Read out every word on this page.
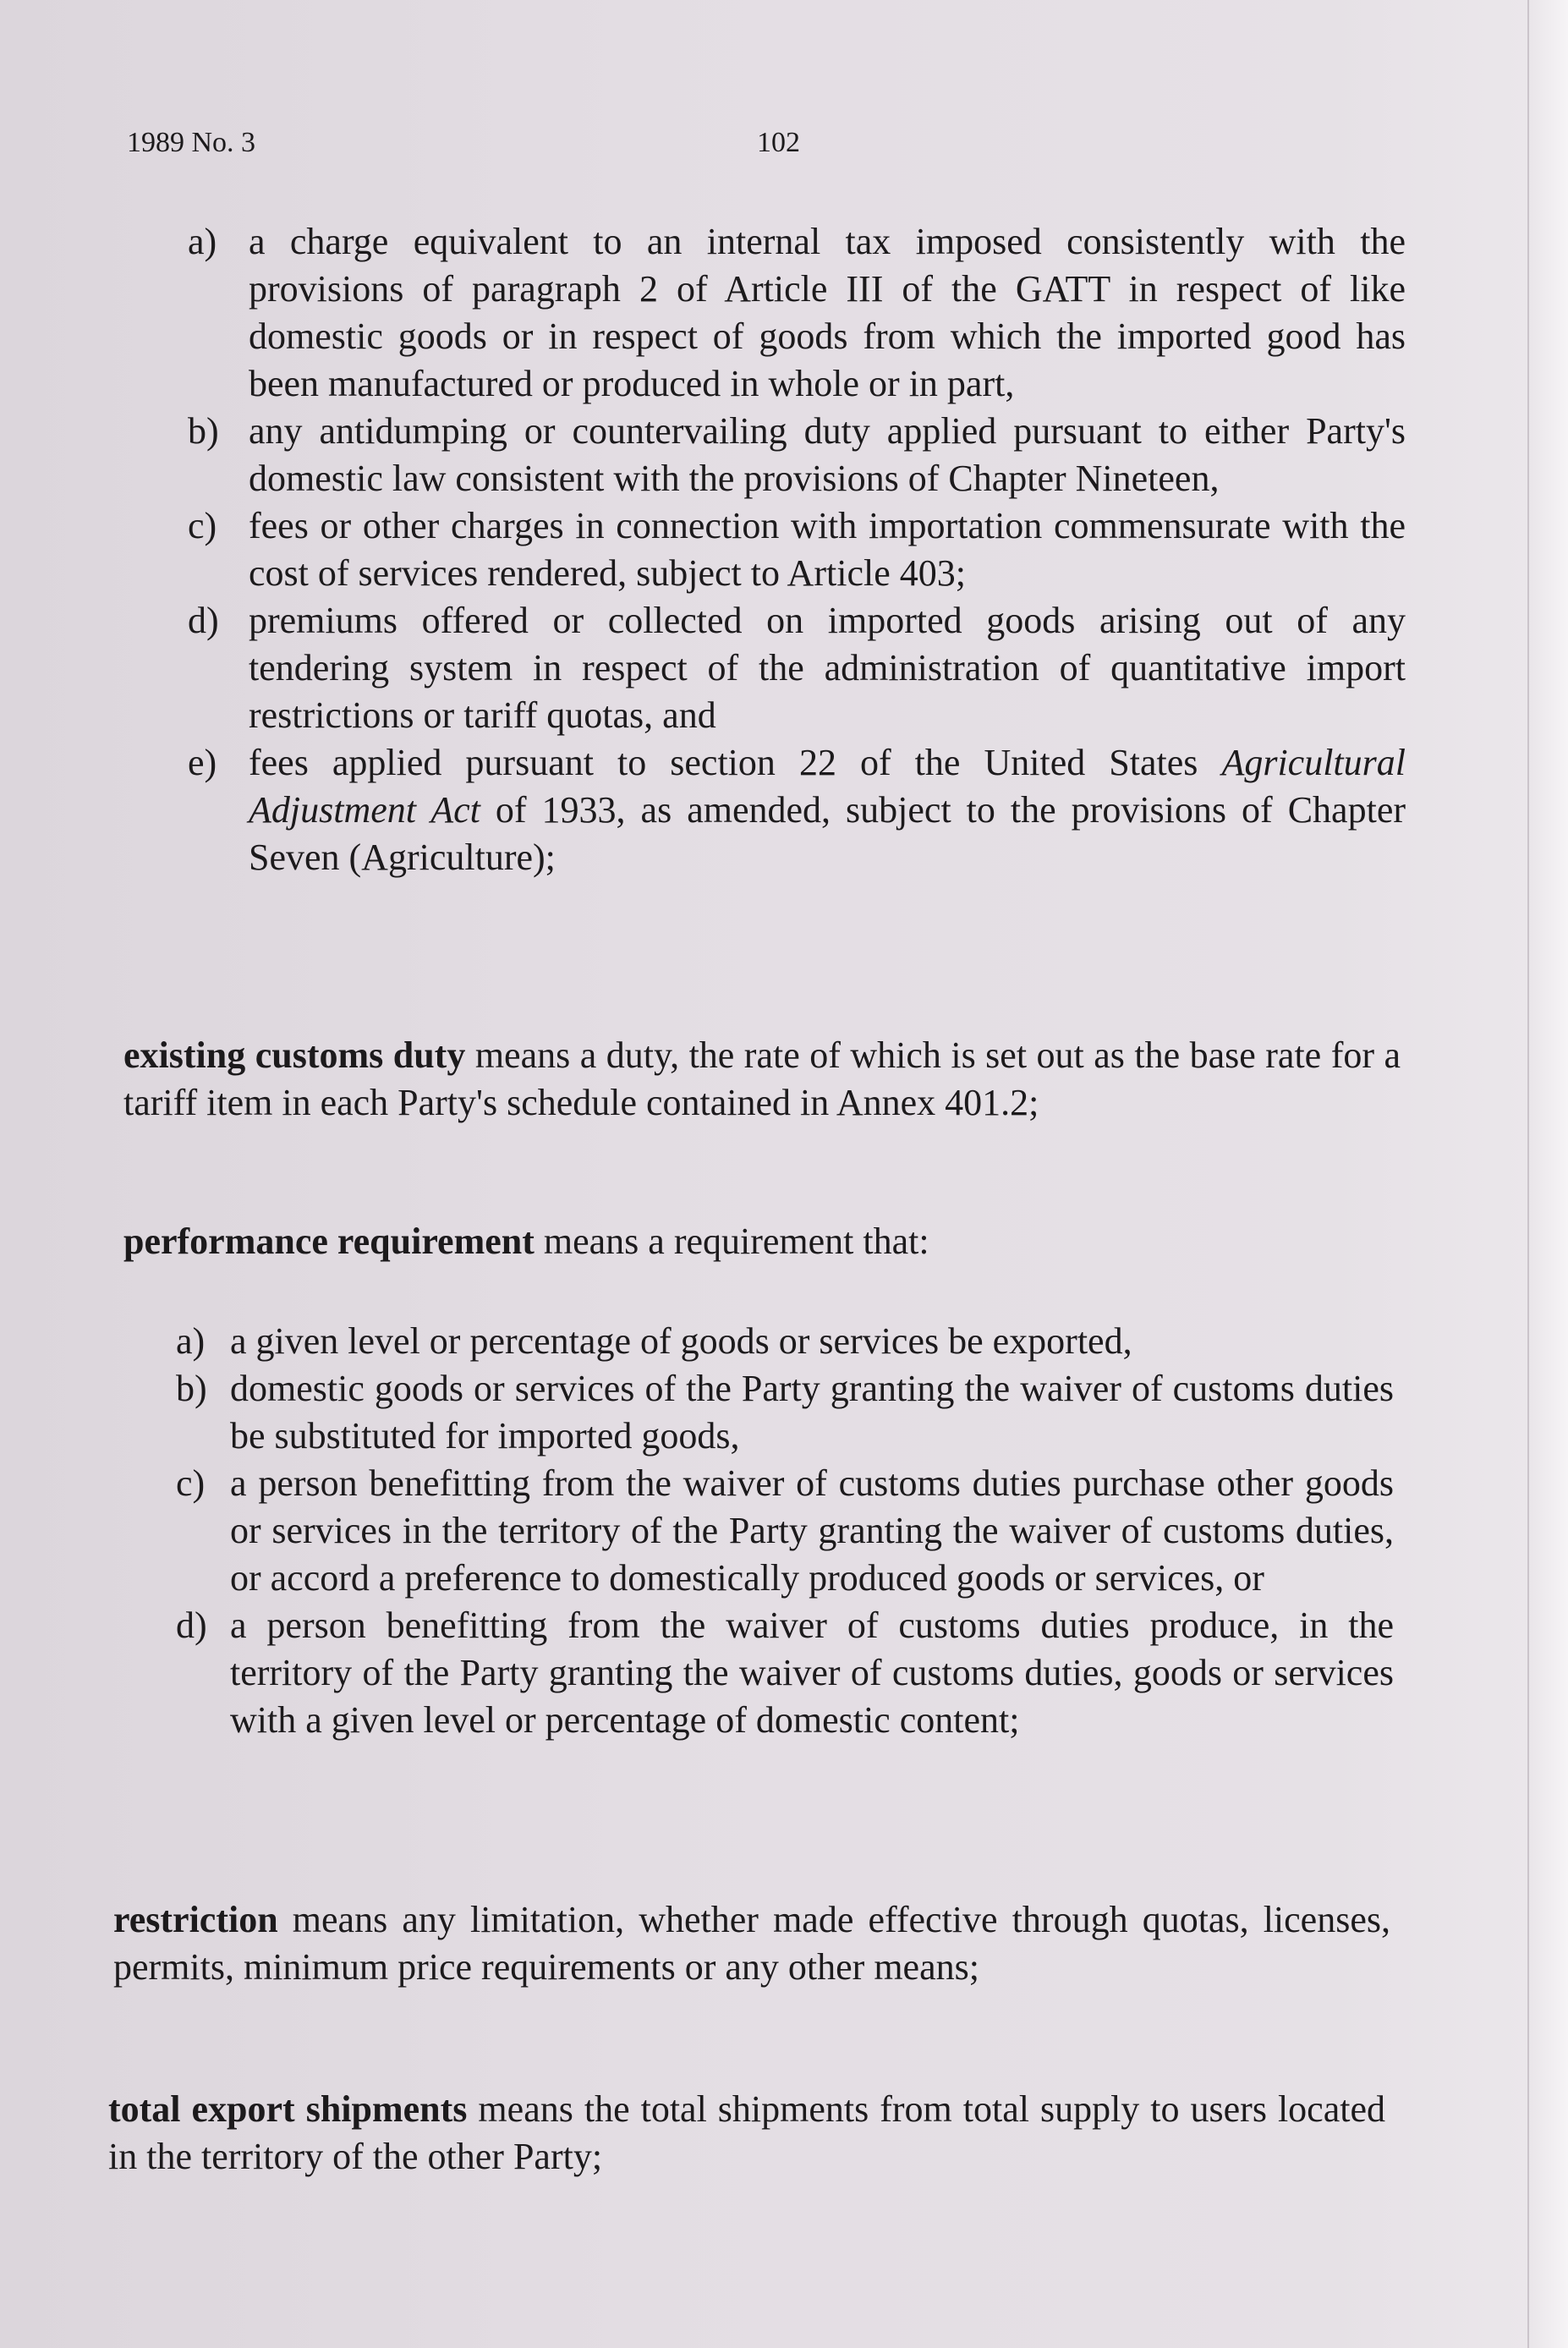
1989 No. 3	102
a) a charge equivalent to an internal tax imposed consistently with the provisions of paragraph 2 of Article III of the GATT in respect of like domestic goods or in respect of goods from which the imported good has been manufactured or produced in whole or in part,
b) any antidumping or countervailing duty applied pursuant to either Party's domestic law consistent with the provisions of Chapter Nineteen,
c) fees or other charges in connection with importation commensurate with the cost of services rendered, subject to Article 403;
d) premiums offered or collected on imported goods arising out of any tendering system in respect of the administration of quantitative import restrictions or tariff quotas, and
e) fees applied pursuant to section 22 of the United States Agricultural Adjustment Act of 1933, as amended, subject to the provisions of Chapter Seven (Agriculture);
existing customs duty means a duty, the rate of which is set out as the base rate for a tariff item in each Party's schedule contained in Annex 401.2;
performance requirement means a requirement that:
a) a given level or percentage of goods or services be exported,
b) domestic goods or services of the Party granting the waiver of customs duties be substituted for imported goods,
c) a person benefitting from the waiver of customs duties purchase other goods or services in the territory of the Party granting the waiver of customs duties, or accord a preference to domestically produced goods or services, or
d) a person benefitting from the waiver of customs duties produce, in the territory of the Party granting the waiver of customs duties, goods or services with a given level or percentage of domestic content;
restriction means any limitation, whether made effective through quotas, licenses, permits, minimum price requirements or any other means;
total export shipments means the total shipments from total supply to users located in the territory of the other Party;
